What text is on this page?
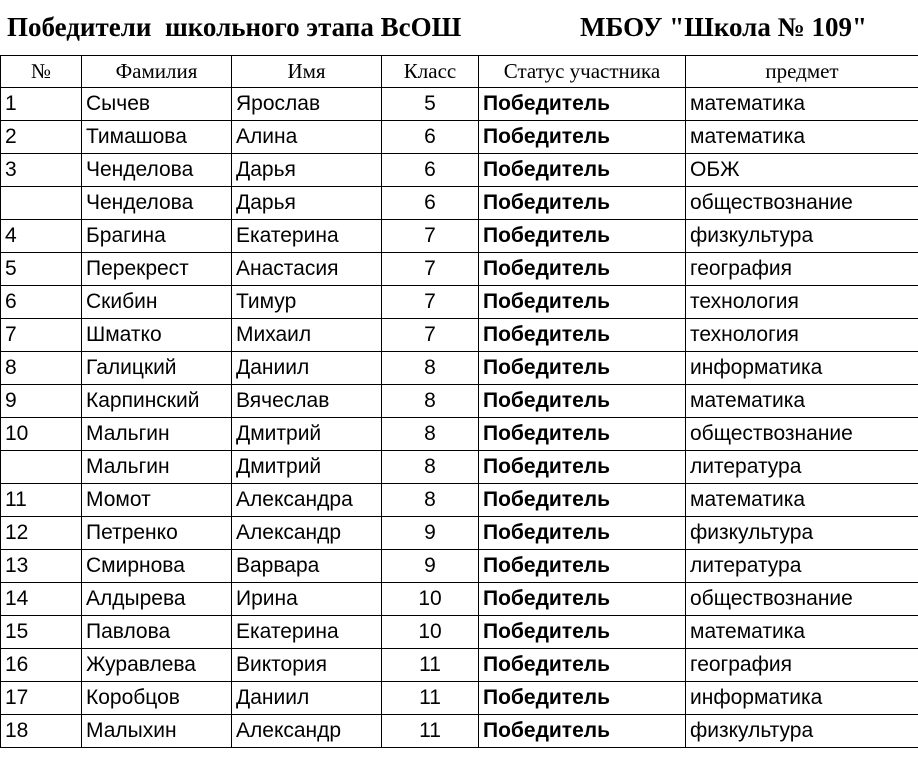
Победители  школьного этапа ВсОШ

	МБОУ "Школа № 109"

№	Фамилия	Имя	Класс	Статус участника	предмет
1	Сычев	Ярослав	5	Победитель	математика
2	Тимашова	Алина	6	Победитель	математика
3	Ченделова	Дарья	6	Победитель	ОБЖ
	Ченделова	Дарья	6	Победитель	обществознание
4	Брагина	Екатерина	7	Победитель	физкультура
5	Перекрест	Анастасия	7	Победитель	география
6	Скибин	Тимур	7	Победитель	технология
7	Шматко	Михаил	7	Победитель	технология
8	Галицкий	Даниил	8	Победитель	информатика
9	Карпинский	Вячеслав	8	Победитель	математика
10	Мальгин	Дмитрий	8	Победитель	обществознание
	Мальгин	Дмитрий	8	Победитель	литература
11	Момот	Александра	8	Победитель	математика
12	Петренко	Александр	9	Победитель	физкультура
13	Смирнова	Варвара	9	Победитель	литература
14	Алдырева	Ирина	10	Победитель	обществознание
15	Павлова	Екатерина	10	Победитель	математика
16	Журавлева	Виктория	11	Победитель	география
17	Коробцов	Даниил	11	Победитель	информатика
18	Малыхин	Александр	11	Победитель	физкультура
